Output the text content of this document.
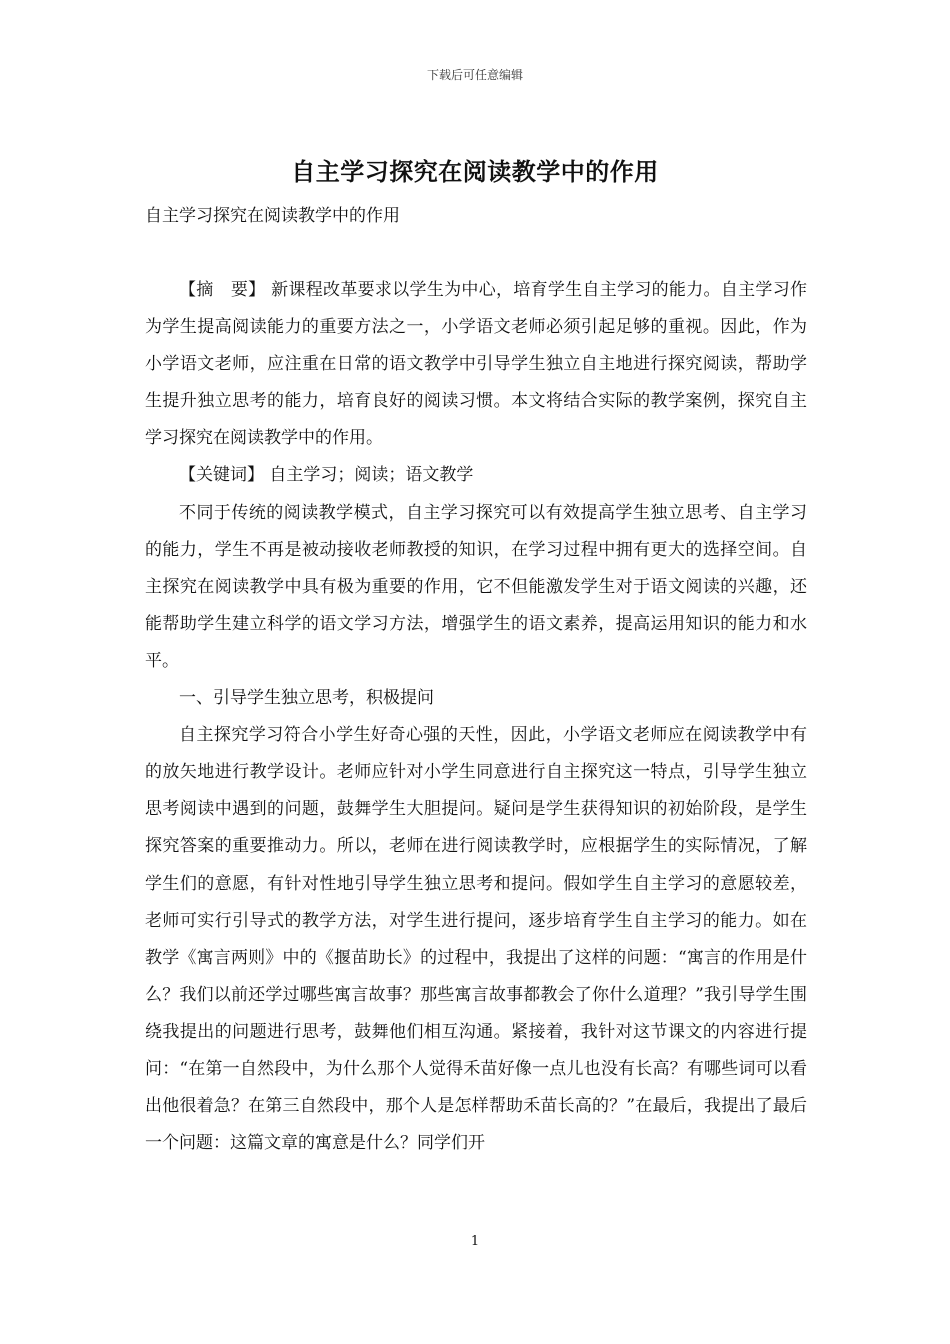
下载后可任意编辑
自主学习探究在阅读教学中的作用
自主学习探究在阅读教学中的作用

【摘　要】 新课程改革要求以学生为中心，培育学生自主学习的能力。自主学习作为学生提高阅读能力的重要方法之一，小学语文老师必须引起足够的重视。因此，作为小学语文老师，应注重在日常的语文教学中引导学生独立自主地进行探究阅读，帮助学生提升独立思考的能力，培育良好的阅读习惯。本文将结合实际的教学案例，探究自主学习探究在阅读教学中的作用。

【关键词】 自主学习；阅读；语文教学

不同于传统的阅读教学模式，自主学习探究可以有效提高学生独立思考、自主学习的能力，学生不再是被动接收老师教授的知识，在学习过程中拥有更大的选择空间。自主探究在阅读教学中具有极为重要的作用，它不但能激发学生对于语文阅读的兴趣，还能帮助学生建立科学的语文学习方法，增强学生的语文素养，提高运用知识的能力和水平。

一、引导学生独立思考，积极提问

自主探究学习符合小学生好奇心强的天性，因此，小学语文老师应在阅读教学中有的放矢地进行教学设计。老师应针对小学生同意进行自主探究这一特点，引导学生独立思考阅读中遇到的问题，鼓舞学生大胆提问。疑问是学生获得知识的初始阶段，是学生探究答案的重要推动力。所以，老师在进行阅读教学时，应根据学生的实际情况，了解学生们的意愿，有针对性地引导学生独立思考和提问。假如学生自主学习的意愿较差，老师可实行引导式的教学方法，对学生进行提问，逐步培育学生自主学习的能力。如在教学《寓言两则》中的《揠苗助长》的过程中，我提出了这样的问题：“寓言的作用是什么？我们以前还学过哪些寓言故事？那些寓言故事都教会了你什么道理？”我引导学生围绕我提出的问题进行思考，鼓舞他们相互沟通。紧接着，我针对这节课文的内容进行提问：“在第一自然段中，为什么那个人觉得禾苗好像一点儿也没有长高？有哪些词可以看出他很着急？在第三自然段中，那个人是怎样帮助禾苗长高的？”在最后，我提出了最后一个问题：这篇文章的寓意是什么？同学们开

1
